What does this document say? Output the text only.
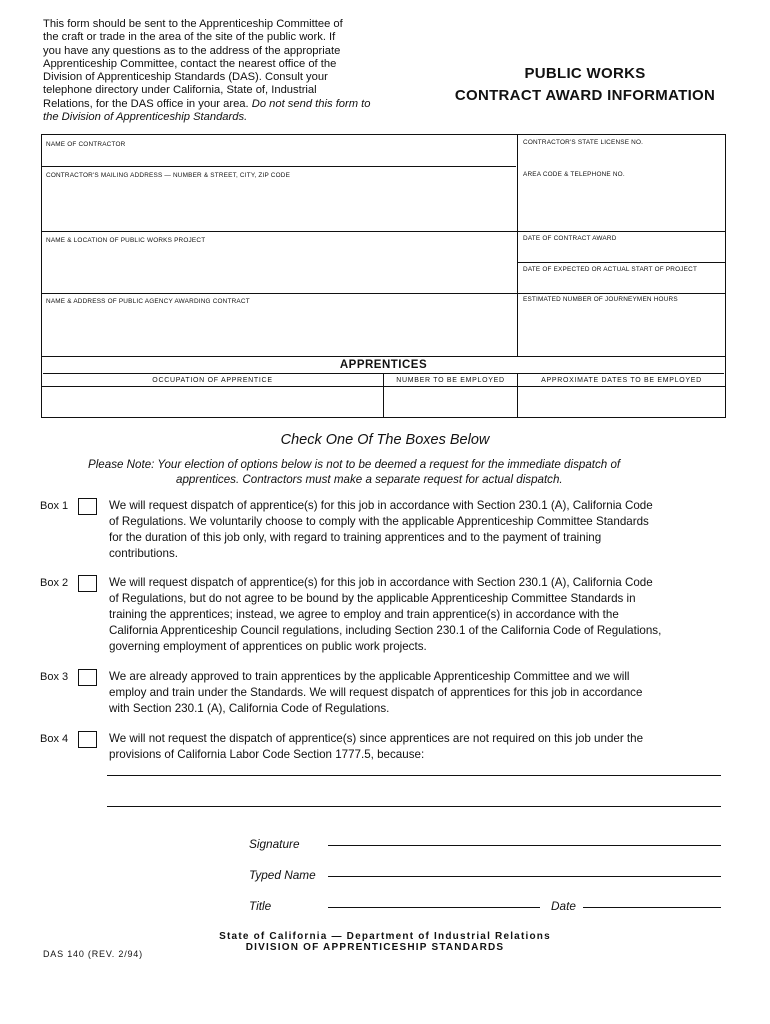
This form should be sent to the Apprenticeship Committee of
the craft or trade in the area of the site of the public work. If
you have any questions as to the address of the appropriate
Apprenticeship Committee, contact the nearest office of the
Division of Apprenticeship Standards (DAS). Consult your
telephone directory under California, State of, Industrial
Relations, for the DAS office in your area. Do not send this form to
the Division of Apprenticeship Standards.
PUBLIC WORKS
CONTRACT AWARD INFORMATION
NAME OF CONTRACTOR	CONTRACTOR'S STATE LICENSE NO.
CONTRACTOR'S MAILING ADDRESS — NUMBER & STREET, CITY, ZIP CODE	AREA CODE & TELEPHONE NO.
NAME & LOCATION OF PUBLIC WORKS PROJECT	DATE OF CONTRACT AWARD
DATE OF EXPECTED OR ACTUAL START OF PROJECT
NAME & ADDRESS OF PUBLIC AGENCY AWARDING CONTRACT	ESTIMATED NUMBER OF JOURNEYMEN HOURS
APPRENTICES
OCCUPATION OF APPRENTICE	NUMBER TO BE EMPLOYED	APPROXIMATE DATES TO BE EMPLOYED
Check One Of The Boxes Below
Please Note: Your election of options below is not to be deemed a request for the immediate dispatch of
apprentices. Contractors must make a separate request for actual dispatch.
Box 1	We will request dispatch of apprentice(s) for this job in accordance with Section 230.1 (A), California Code
of Regulations. We voluntarily choose to comply with the applicable Apprenticeship Committee Standards
for the duration of this job only, with regard to training apprentices and to the payment of training
contributions.
Box 2	We will request dispatch of apprentice(s) for this job in accordance with Section 230.1 (A), California Code
of Regulations, but do not agree to be bound by the applicable Apprenticeship Committee Standards in
training the apprentices; instead, we agree to employ and train apprentice(s) in accordance with the
California Apprenticeship Council regulations, including Section 230.1 of the California Code of Regulations,
governing employment of apprentices on public work projects.
Box 3	We are already approved to train apprentices by the applicable Apprenticeship Committee and we will
employ and train under the Standards. We will request dispatch of apprentices for this job in accordance
with Section 230.1 (A), California Code of Regulations.
Box 4	We will not request the dispatch of apprentice(s) since apprentices are not required on this job under the
provisions of California Labor Code Section 1777.5, because:
Signature
Typed Name
Title	Date
State of California — Department of Industrial Relations
DIVISION OF APPRENTICESHIP STANDARDS
DAS 140 (REV. 2/94)
